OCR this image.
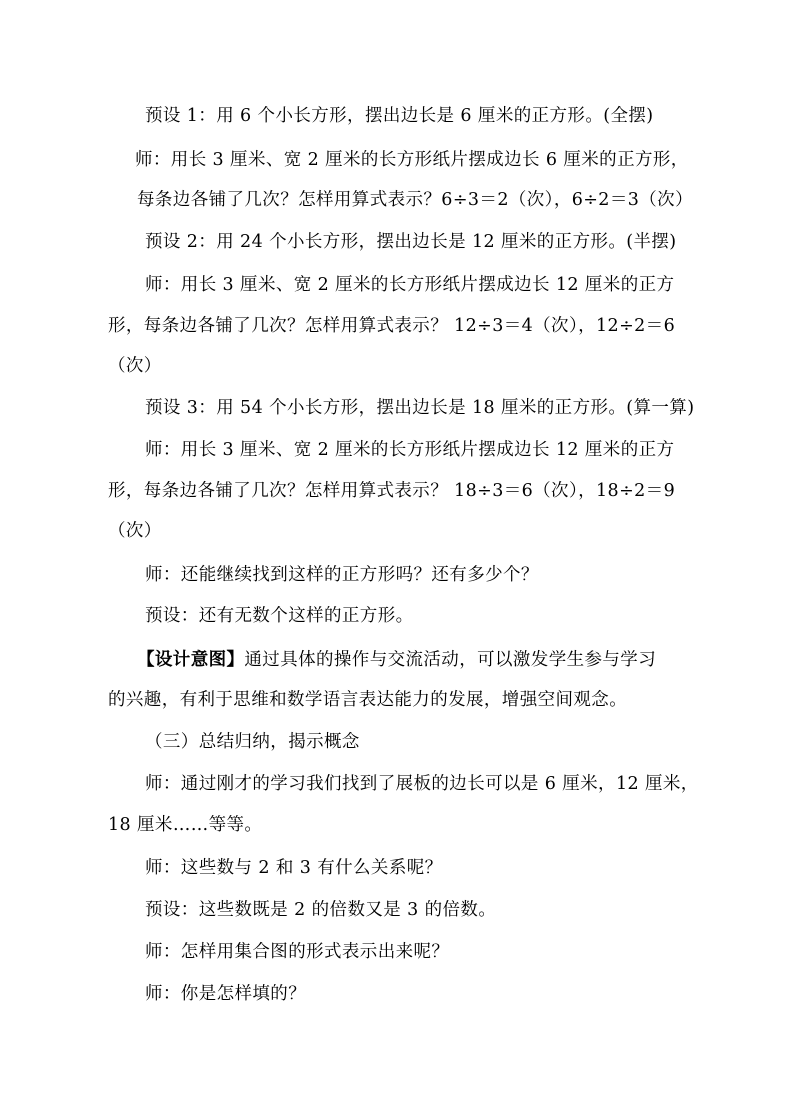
预设 1：用 6 个小长方形，摆出边长是 6 厘米的正方形。(全摆)
师：用长 3 厘米、宽 2 厘米的长方形纸片摆成边长 6 厘米的正方形，
每条边各铺了几次？怎样用算式表示？6÷3＝2（次），6÷2＝3（次）
预设 2：用 24 个小长方形，摆出边长是 12 厘米的正方形。(半摆)
师：用长 3 厘米、宽 2 厘米的长方形纸片摆成边长 12 厘米的正方
形，每条边各铺了几次？怎样用算式表示？ 12÷3＝4（次），12÷2＝6
（次）
预设 3：用 54 个小长方形，摆出边长是 18 厘米的正方形。(算一算)
师：用长 3 厘米、宽 2 厘米的长方形纸片摆成边长 12 厘米的正方
形，每条边各铺了几次？怎样用算式表示？ 18÷3＝6（次），18÷2＝9
（次）
师：还能继续找到这样的正方形吗？还有多少个？
预设：还有无数个这样的正方形。
【设计意图】通过具体的操作与交流活动，可以激发学生参与学习
的兴趣，有利于思维和数学语言表达能力的发展，增强空间观念。
（三）总结归纳，揭示概念
师：通过刚才的学习我们找到了展板的边长可以是 6 厘米，12 厘米，
18 厘米……等等。
师：这些数与 2 和 3 有什么关系呢？
预设：这些数既是 2 的倍数又是 3 的倍数。
师：怎样用集合图的形式表示出来呢？
师：你是怎样填的？
